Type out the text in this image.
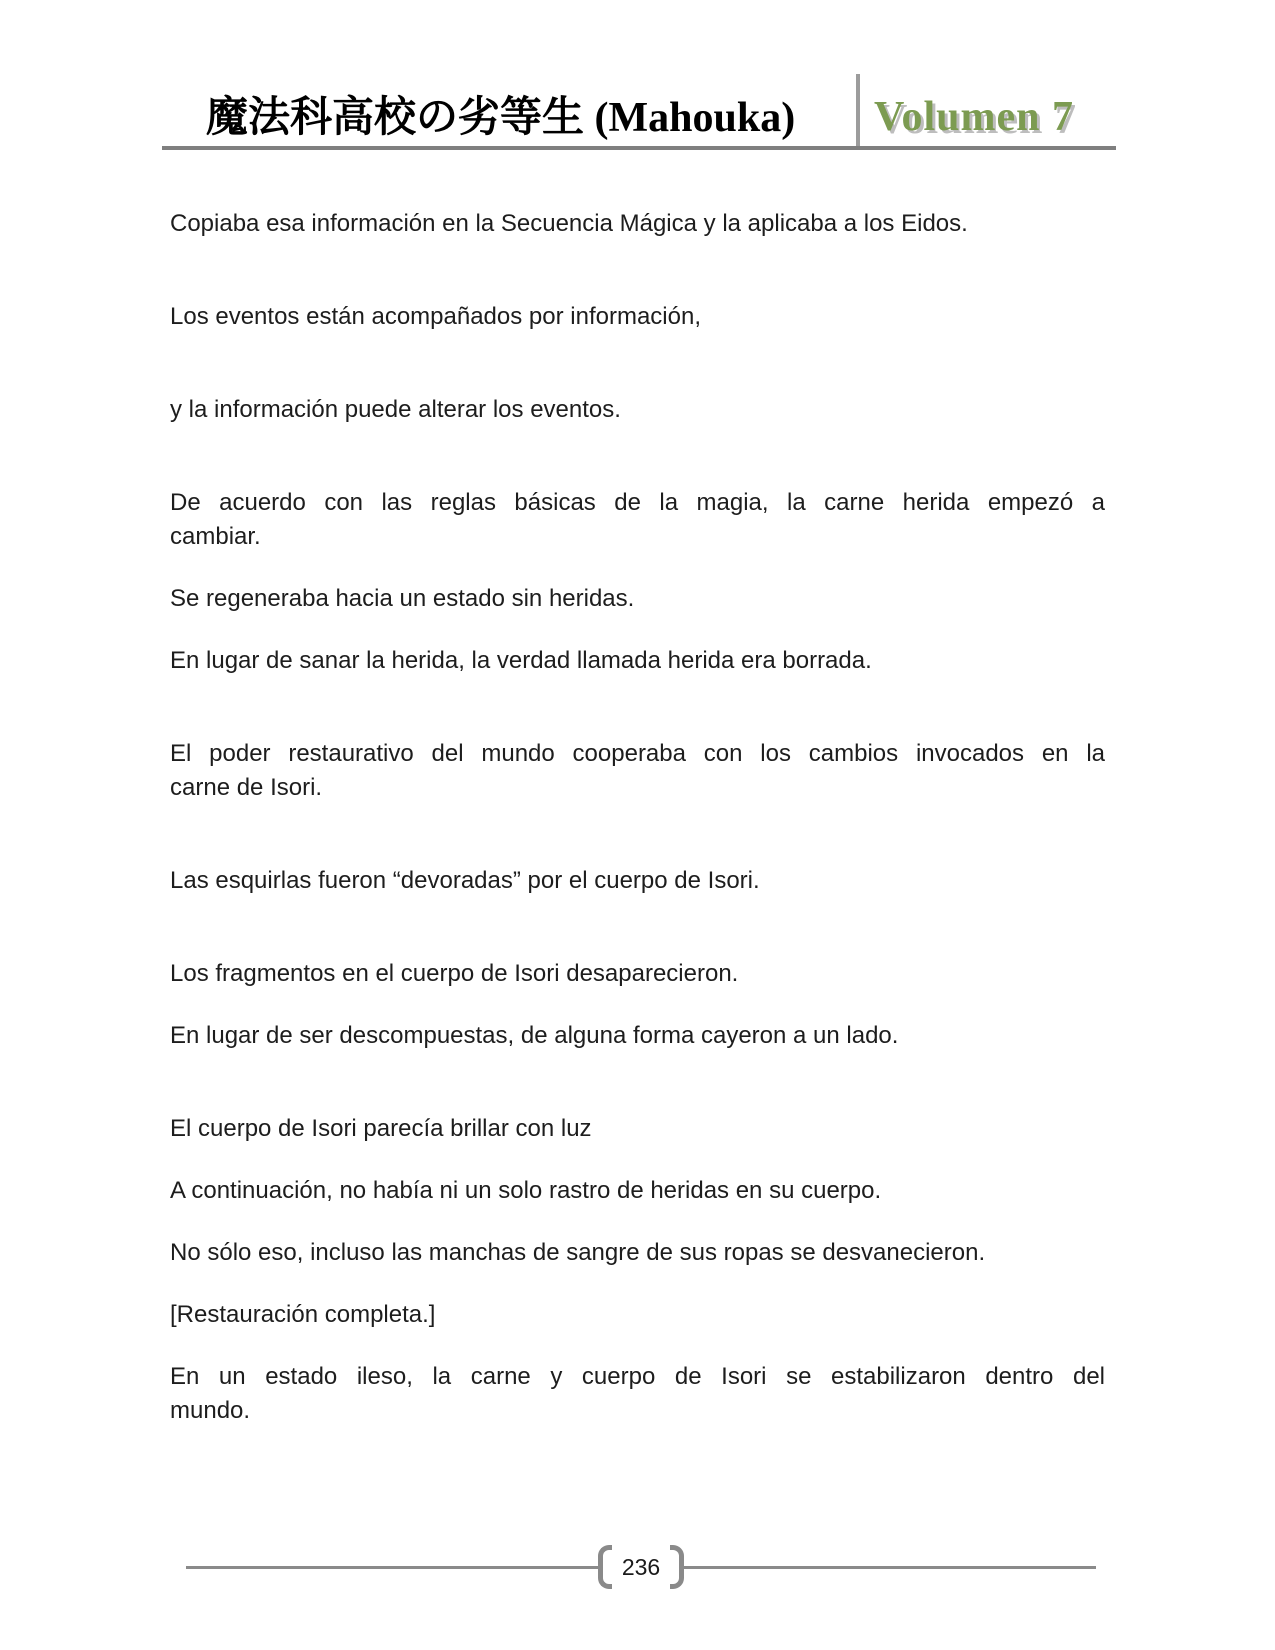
魔法科高校の劣等生 (Mahouka) Volumen 7
Copiaba esa información en la Secuencia Mágica y la aplicaba a los Eidos.
Los eventos están acompañados por información,
y la información puede alterar los eventos.
De acuerdo con las reglas básicas de la magia, la carne herida empezó a
cambiar.
Se regeneraba hacia un estado sin heridas.
En lugar de sanar la herida, la verdad llamada herida era borrada.
El poder restaurativo del mundo cooperaba con los cambios invocados en la
carne de Isori.
Las esquirlas fueron “devoradas” por el cuerpo de Isori.
Los fragmentos en el cuerpo de Isori desaparecieron.
En lugar de ser descompuestas, de alguna forma cayeron a un lado.
El cuerpo de Isori parecía brillar con luz
A continuación, no había ni un solo rastro de heridas en su cuerpo.
No sólo eso, incluso las manchas de sangre de sus ropas se desvanecieron.
[Restauración completa.]
En un estado ileso, la carne y cuerpo de Isori se estabilizaron dentro del
mundo.
236
